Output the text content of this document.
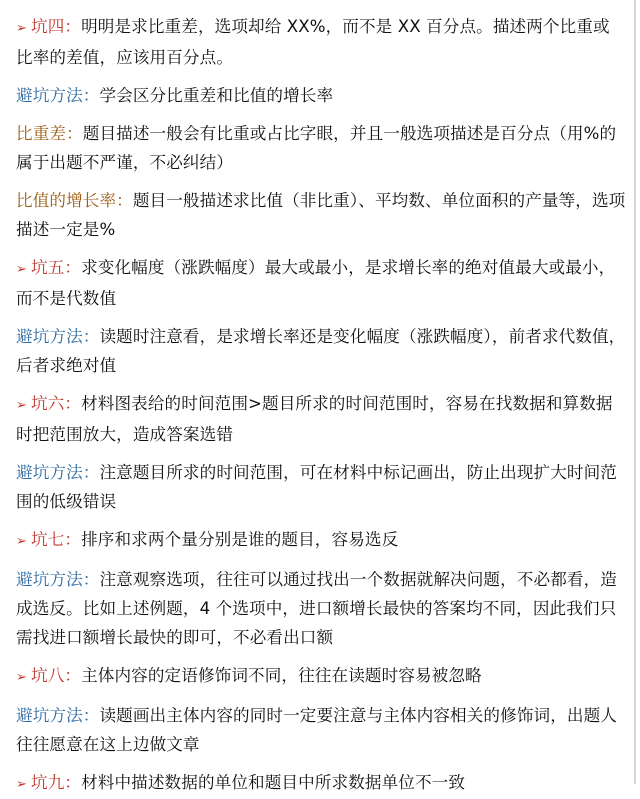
➢ 坑四：明明是求比重差，选项却给 XX%，而不是 XX 百分点。描述两个比重或比率的差值，应该用百分点。

避坑方法：学会区分比重差和比值的增长率

比重差：题目描述一般会有比重或占比字眼，并且一般选项描述是百分点（用%的属于出题不严谨，不必纠结）

比值的增长率：题目一般描述求比值（非比重）、平均数、单位面积的产量等，选项描述一定是%

➢ 坑五：求变化幅度（涨跌幅度）最大或最小，是求增长率的绝对值最大或最小，而不是代数值

避坑方法：读题时注意看，是求增长率还是变化幅度（涨跌幅度），前者求代数值，后者求绝对值

➢ 坑六：材料图表给的时间范围>题目所求的时间范围时，容易在找数据和算数据时把范围放大，造成答案选错

避坑方法：注意题目所求的时间范围，可在材料中标记画出，防止出现扩大时间范围的低级错误

➢ 坑七：排序和求两个量分别是谁的题目，容易选反

避坑方法：注意观察选项，往往可以通过找出一个数据就解决问题，不必都看，造成选反。比如上述例题，4 个选项中，进口额增长最快的答案均不同，因此我们只需找进口额增长最快的即可，不必看出口额

➢ 坑八：主体内容的定语修饰词不同，往往在读题时容易被忽略

避坑方法：读题画出主体内容的同时一定要注意与主体内容相关的修饰词，出题人往往愿意在这上边做文章

➢ 坑九：材料中描述数据的单位和题目中所求数据单位不一致
